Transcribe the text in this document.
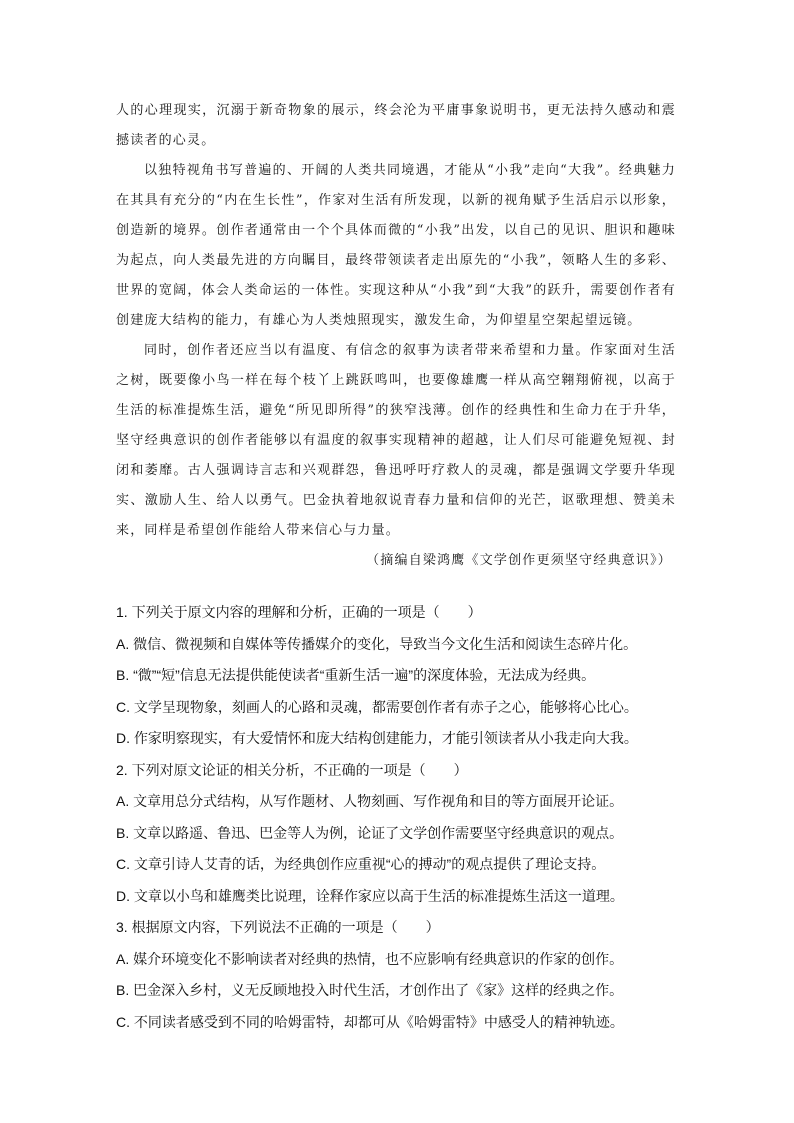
人的心理现实，沉溺于新奇物象的展示，终会沦为平庸事象说明书，更无法持久感动和震撼读者的心灵。

以独特视角书写普遍的、开阔的人类共同境遇，才能从“小我”走向“大我”。经典魅力在其具有充分的“内在生长性”，作家对生活有所发现，以新的视角赋予生活启示以形象，创造新的境界。创作者通常由一个个具体而微的“小我”出发，以自己的见识、胆识和趣味为起点，向人类最先进的方向瞩目，最终带领读者走出原先的“小我”，领略人生的多彩、世界的宽阔，体会人类命运的一体性。实现这种从“小我”到“大我”的跃升，需要创作者有创建庞大结构的能力，有雄心为人类烛照现实，激发生命，为仰望星空架起望远镜。

同时，创作者还应当以有温度、有信念的叙事为读者带来希望和力量。作家面对生活之树，既要像小鸟一样在每个枝丫上跳跃鸣叫，也要像雄鹰一样从高空翱翔俯视，以高于生活的标准提炼生活，避免“所见即所得”的狭窄浅薄。创作的经典性和生命力在于升华，坚守经典意识的创作者能够以有温度的叙事实现精神的超越，让人们尽可能避免短视、封闭和萎靡。古人强调诗言志和兴观群怨，鲁迅呼吁疗救人的灵魂，都是强调文学要升华现实、激励人生、给人以勇气。巴金执着地叙说青春力量和信仰的光芒，讴歌理想、赞美未来，同样是希望创作能给人带来信心与力量。

（摘编自梁鸿鹰《文学创作更须坚守经典意识》）

1. 下列关于原文内容的理解和分析，正确的一项是（　　）
A. 微信、微视频和自媒体等传播媒介的变化，导致当今文化生活和阅读生态碎片化。
B. “微”“短”信息无法提供能使读者“重新生活一遍”的深度体验，无法成为经典。
C. 文学呈现物象，刻画人的心路和灵魂，都需要创作者有赤子之心，能够将心比心。
D. 作家明察现实，有大爱情怀和庞大结构创建能力，才能引领读者从小我走向大我。
2. 下列对原文论证的相关分析，不正确的一项是（　　）
A. 文章用总分式结构，从写作题材、人物刻画、写作视角和目的等方面展开论证。
B. 文章以路遥、鲁迅、巴金等人为例，论证了文学创作需要坚守经典意识的观点。
C. 文章引诗人艾青的话，为经典创作应重视“心的搏动”的观点提供了理论支持。
D. 文章以小鸟和雄鹰类比说理，诠释作家应以高于生活的标准提炼生活这一道理。
3. 根据原文内容，下列说法不正确的一项是（　　）
A. 媒介环境变化不影响读者对经典的热情，也不应影响有经典意识的作家的创作。
B. 巴金深入乡村，义无反顾地投入时代生活，才创作出了《家》这样的经典之作。
C. 不同读者感受到不同的哈姆雷特，却都可从《哈姆雷特》中感受人的精神轨迹。
